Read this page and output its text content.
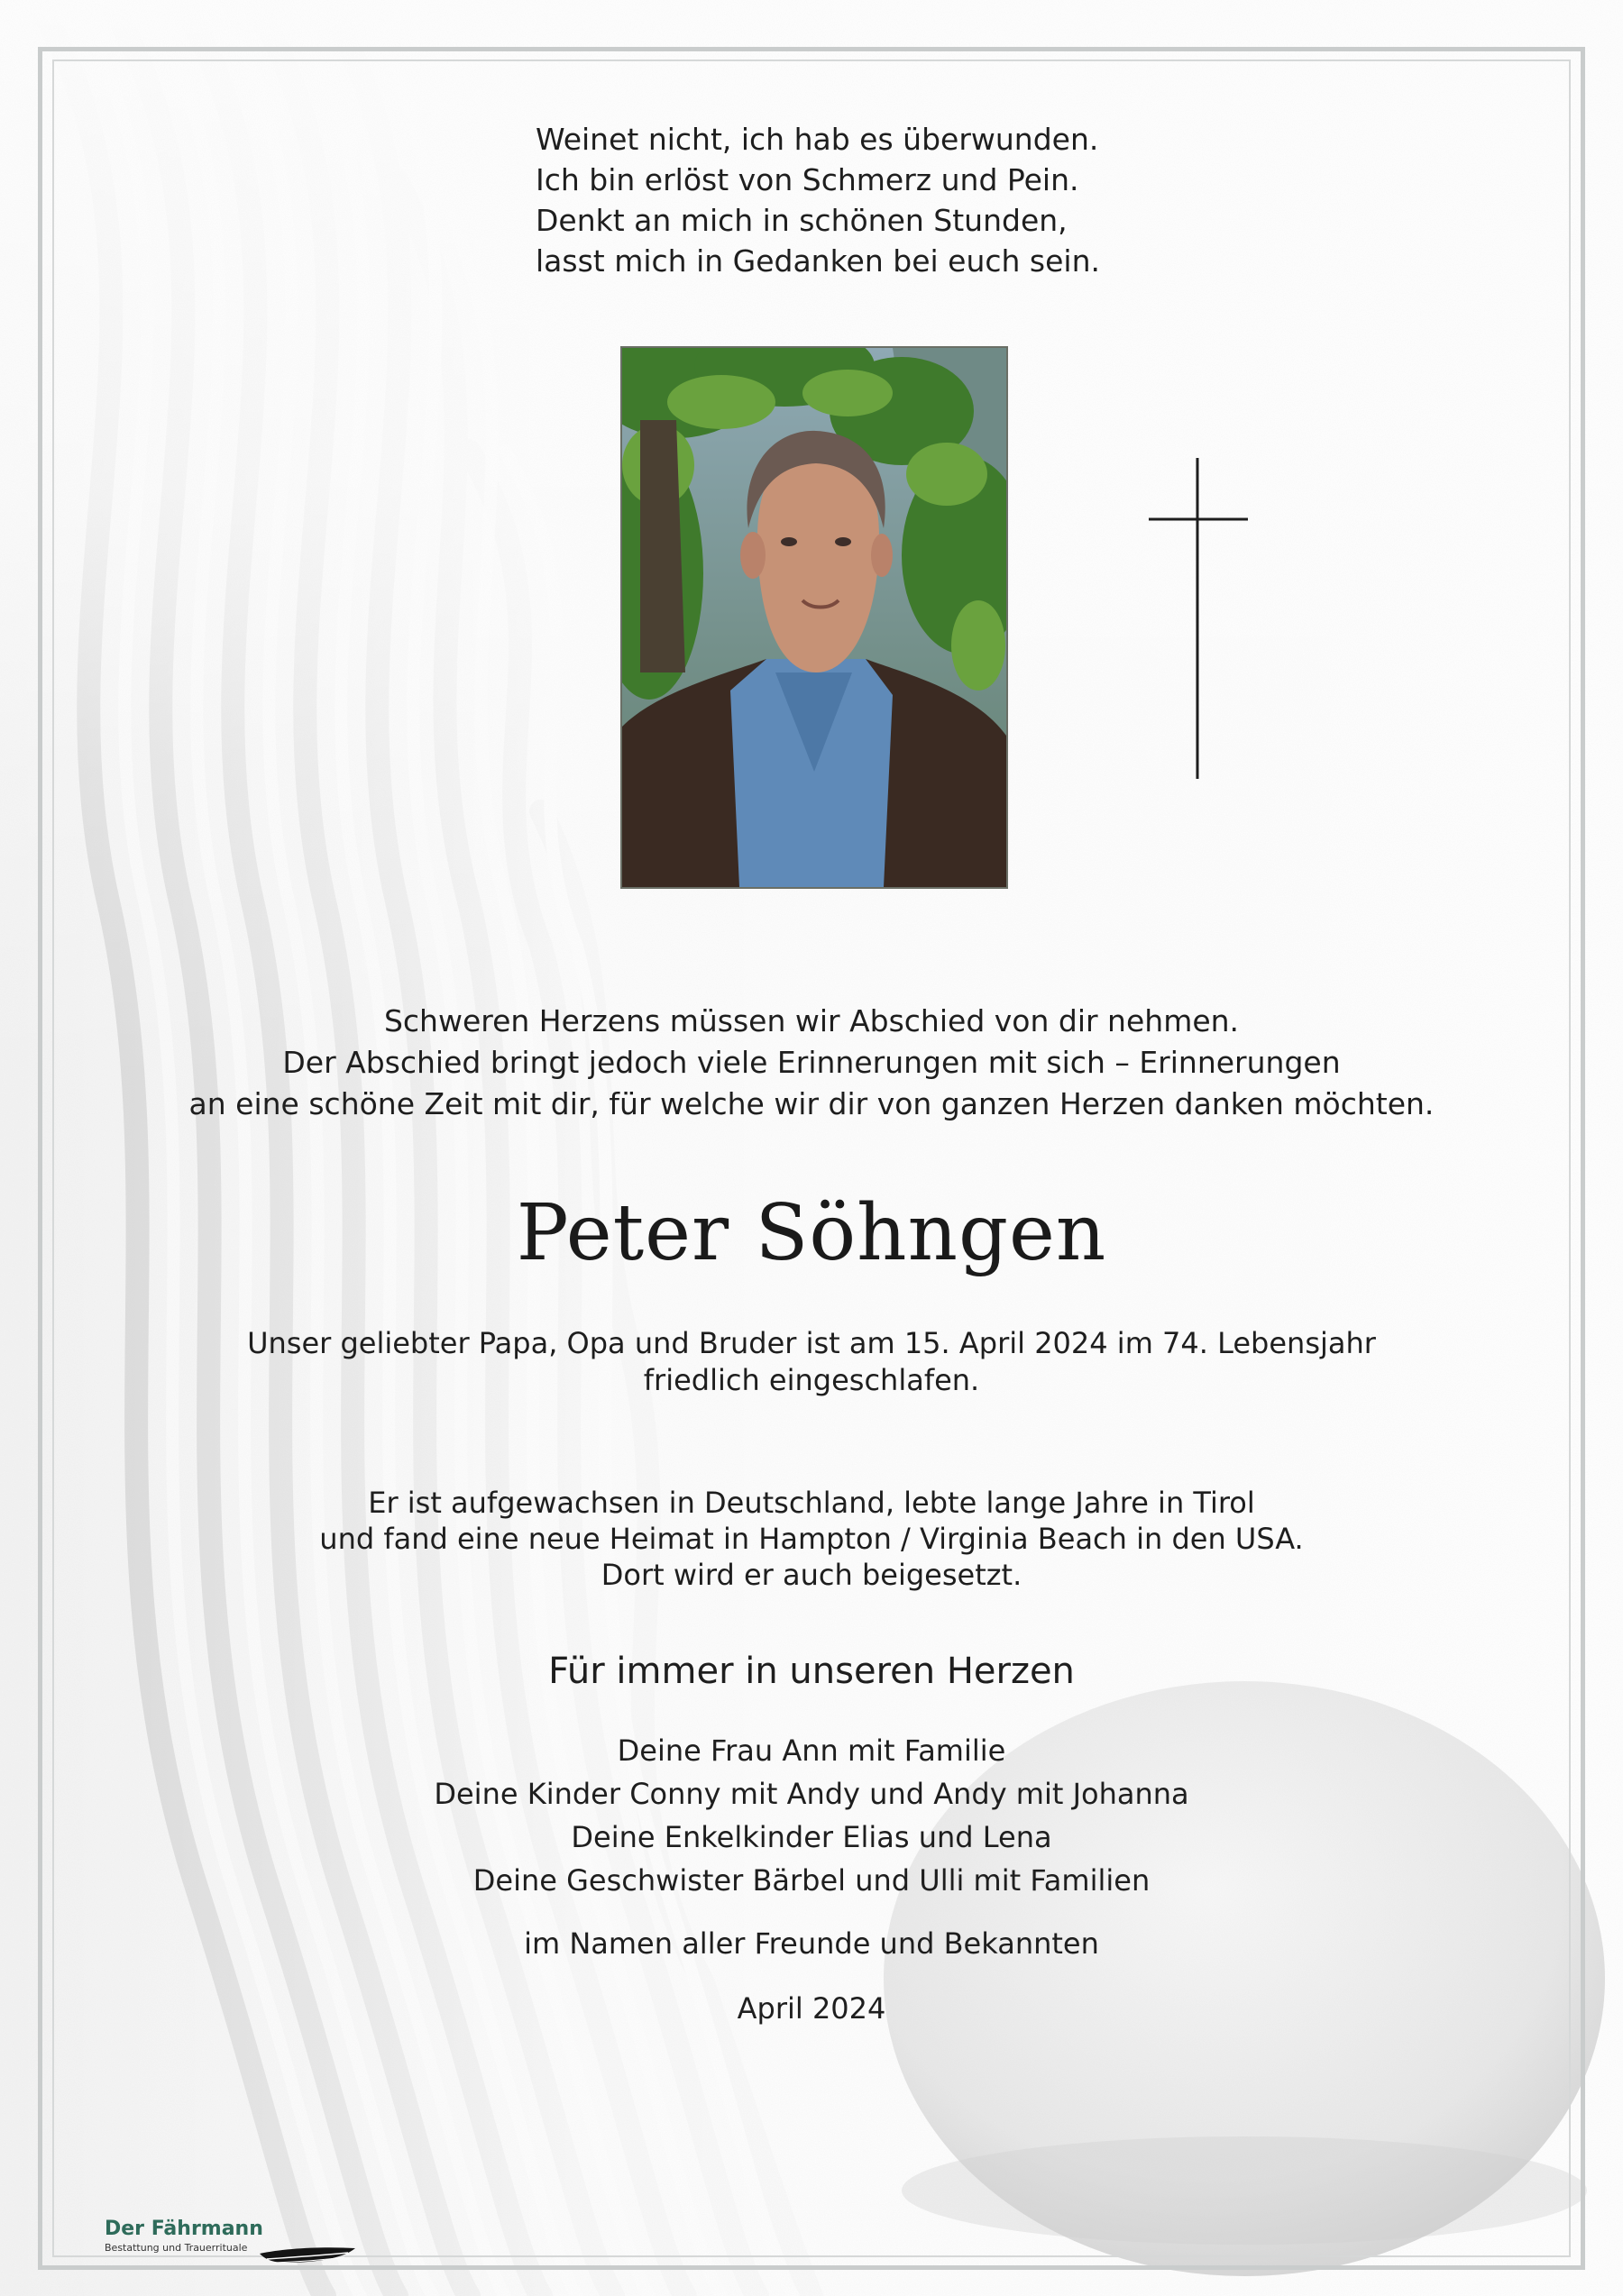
Weinet nicht, ich hab es überwunden.
Ich bin erlöst von Schmerz und Pein.
Denkt an mich in schönen Stunden,
lasst mich in Gedanken bei euch sein.
Schweren Herzens müssen wir Abschied von dir nehmen.
Der Abschied bringt jedoch viele Erinnerungen mit sich – Erinnerungen
an eine schöne Zeit mit dir, für welche wir dir von ganzen Herzen danken möchten.
Peter Söhngen
Unser geliebter Papa, Opa und Bruder ist am 15. April 2024 im 74. Lebensjahr
friedlich eingeschlafen.
Er ist aufgewachsen in Deutschland, lebte lange Jahre in Tirol
und fand eine neue Heimat in Hampton / Virginia Beach in den USA.
Dort wird er auch beigesetzt.
Für immer in unseren Herzen
Deine Frau Ann mit Familie
Deine Kinder Conny mit Andy und Andy mit Johanna
Deine Enkelkinder Elias und Lena
Deine Geschwister Bärbel und Ulli mit Familien
im Namen aller Freunde und Bekannten
April 2024
Der Fährmann
Bestattung und Trauerrituale
